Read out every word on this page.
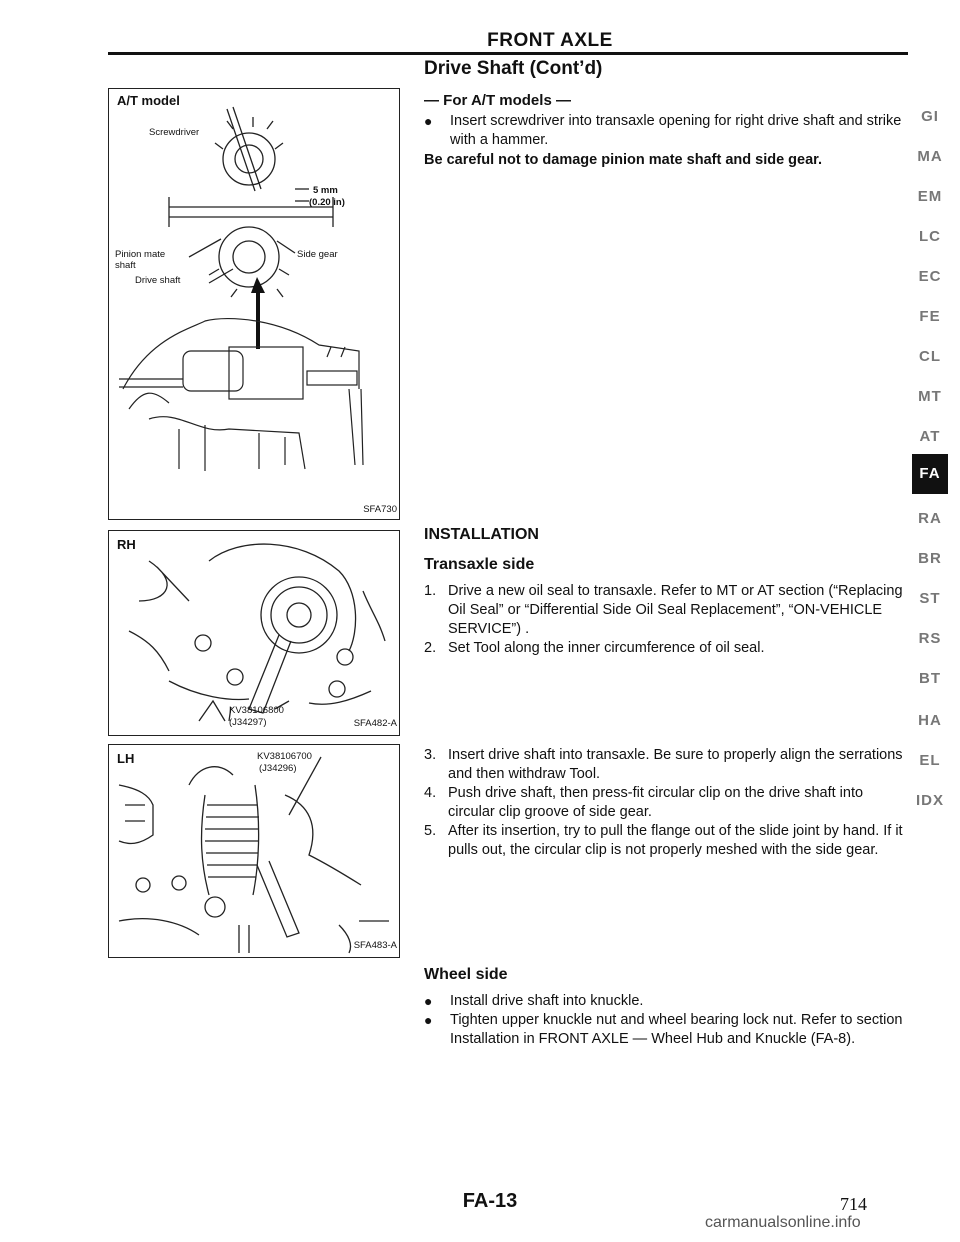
FRONT AXLE
Drive Shaft (Cont’d)
— For A/T models —
●	Insert screwdriver into transaxle opening for right drive shaft and strike with a hammer.
Be careful not to damage pinion mate shaft and side gear.
INSTALLATION
Transaxle side
1. Drive a new oil seal to transaxle. Refer to MT or AT section (“Replacing Oil Seal” or “Differential Side Oil Seal Replacement”, “ON-VEHICLE SERVICE”) .
2. Set Tool along the inner circumference of oil seal.
3. Insert drive shaft into transaxle. Be sure to properly align the serrations and then withdraw Tool.
4. Push drive shaft, then press-fit circular clip on the drive shaft into circular clip groove of side gear.
5. After its insertion, try to pull the flange out of the slide joint by hand. If it pulls out, the circular clip is not properly meshed with the side gear.
Wheel side
●	Install drive shaft into knuckle.
●	Tighten upper knuckle nut and wheel bearing lock nut. Refer to section Installation in FRONT AXLE — Wheel Hub and Knuckle (FA-8).
A/T model
Screwdriver
5 mm
(0.20 in)
Pinion mate
shaft
Side gear
Drive shaft
SFA730
RH
KV38106800
(J34297)	SFA482-A
LH	KV38106700
(J34296)
SFA483-A
GI
MA
EM
LC
EC
FE
CL
MT
AT
FA
RA
BR
ST
RS
BT
HA
EL
IDX
FA-13	714
carmanualsonline.info
